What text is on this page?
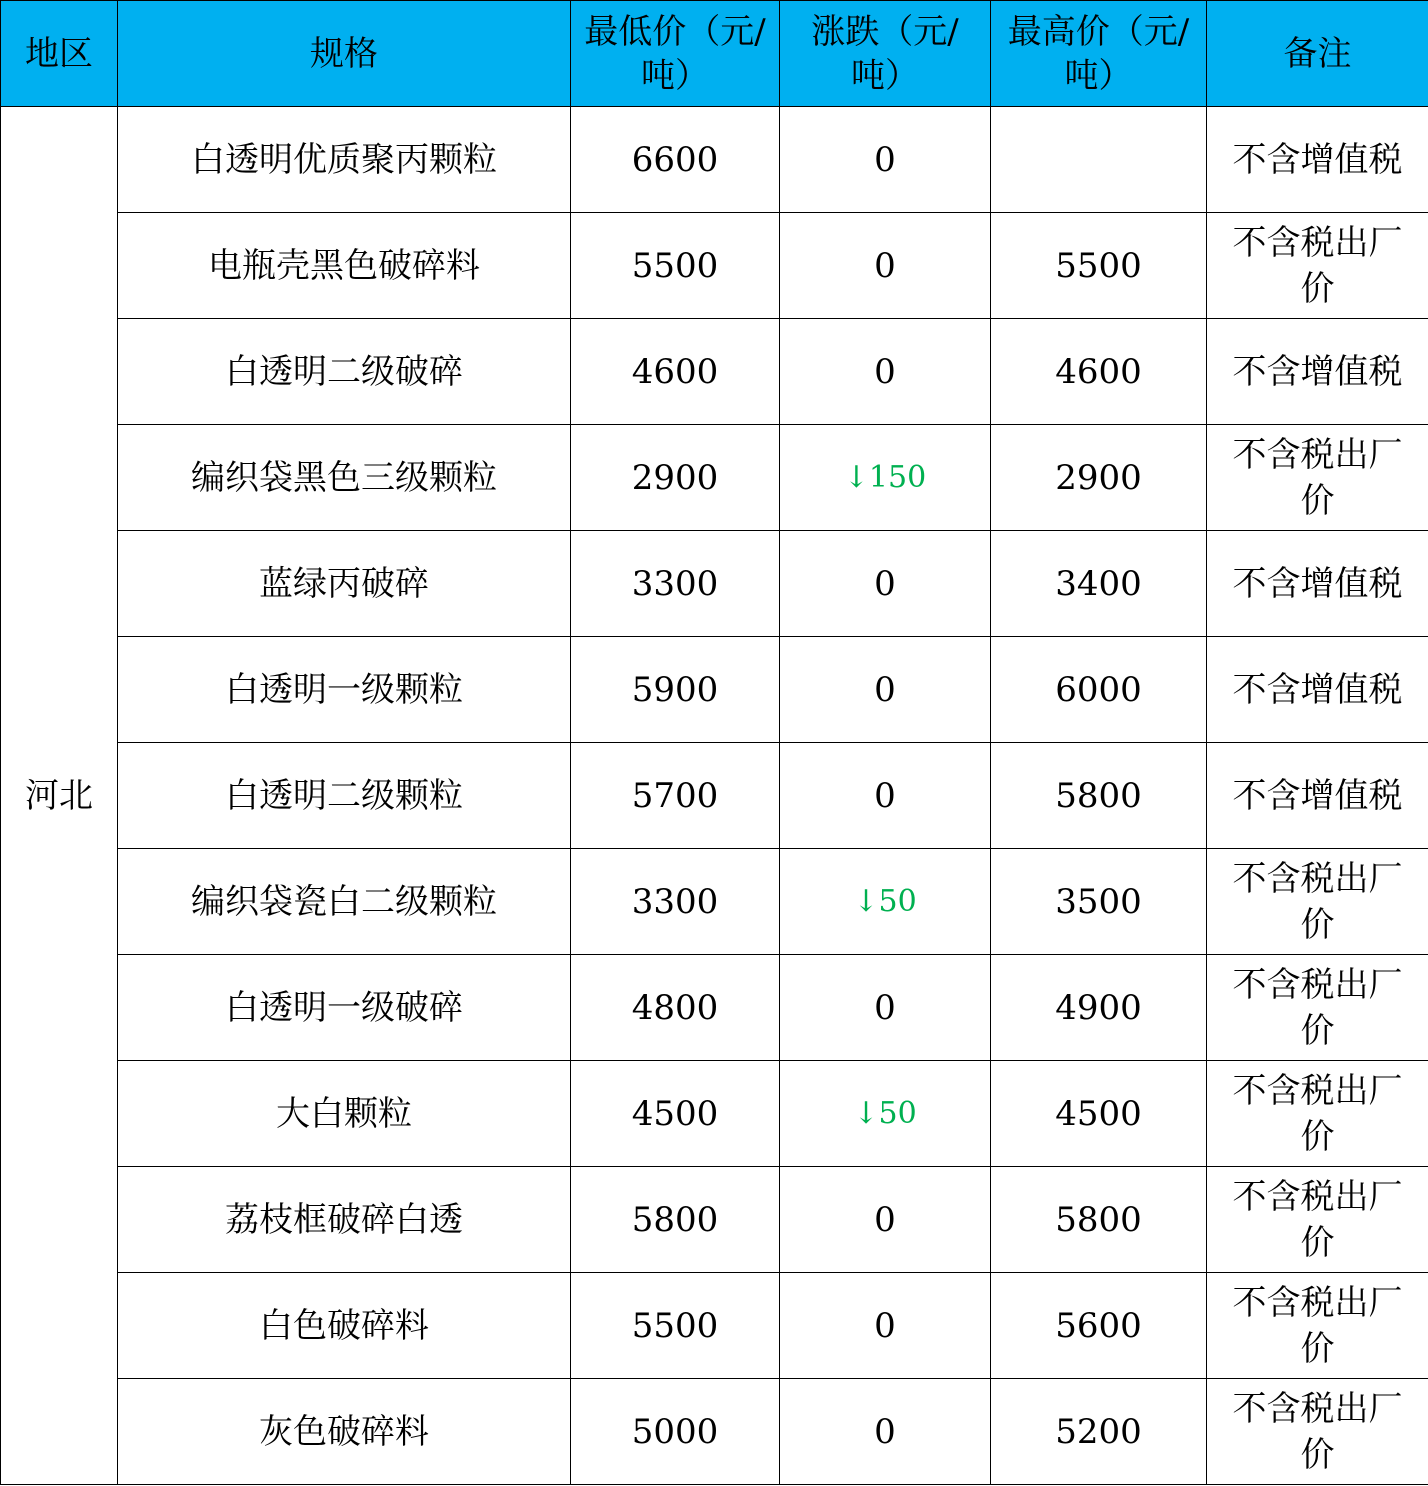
地区	规格	最低价（元/吨）	涨跌（元/吨）	最高价（元/吨）	备注
河北	白透明优质聚丙颗粒	6600	0		不含增值税
	电瓶壳黑色破碎料	5500	0	5500	不含税出厂价
	白透明二级破碎	4600	0	4600	不含增值税
	编织袋黑色三级颗粒	2900	↓150	2900	不含税出厂价
	蓝绿丙破碎	3300	0	3400	不含增值税
	白透明一级颗粒	5900	0	6000	不含增值税
	白透明二级颗粒	5700	0	5800	不含增值税
	编织袋瓷白二级颗粒	3300	↓50	3500	不含税出厂价
	白透明一级破碎	4800	0	4900	不含税出厂价
	大白颗粒	4500	↓50	4500	不含税出厂价
	荔枝框破碎白透	5800	0	5800	不含税出厂价
	白色破碎料	5500	0	5600	不含税出厂价
	灰色破碎料	5000	0	5200	不含税出厂价
